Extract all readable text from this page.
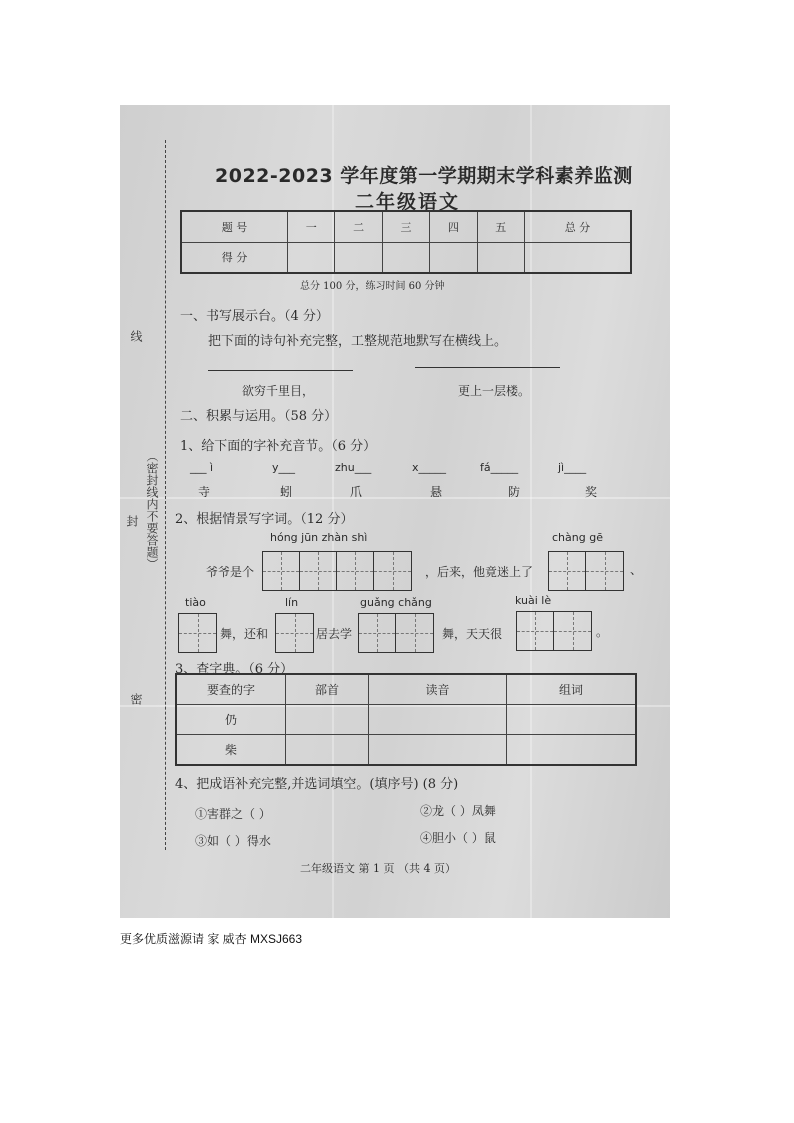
线
（密封线内不要答题）
封
密
2022-2023 学年度第一学期期末学科素养监测
二年级语文
题 号	一	二	三	四	五	总 分
得 分						
总分 100 分，练习时间 60 分钟
一、书写展示台。（4 分）
把下面的诗句补充完整，工整规范地默写在横线上。
欲穷千里目，	更上一层楼。
二、积累与运用。（58 分）
1、给下面的字补充音节。（6 分）
___ ì	y___	zhu___	x_____	fá_____	jì____
寺	蚓	爪	悬	防	奖
2、根据情景写字词。（12 分）
hóng jūn zhàn shì
爷爷是个	，后来，他竟迷上了
chàng gē
、
tiào
舞，还和
lín
居去学
guǎng chǎng
舞，天天很
kuài lè
。
3、查字典。（6 分）
要查的字	部首	读音	组词
仍			
柴			
4、把成语补充完整,并选词填空。(填序号) (8 分)
①害群之（ ）	②龙（ ）凤舞
③如（ ）得水	④胆小（ ）鼠
二年级语文 第 1 页 （共 4 页）
更多优质滋源请 家 威杏 MXSJ663
